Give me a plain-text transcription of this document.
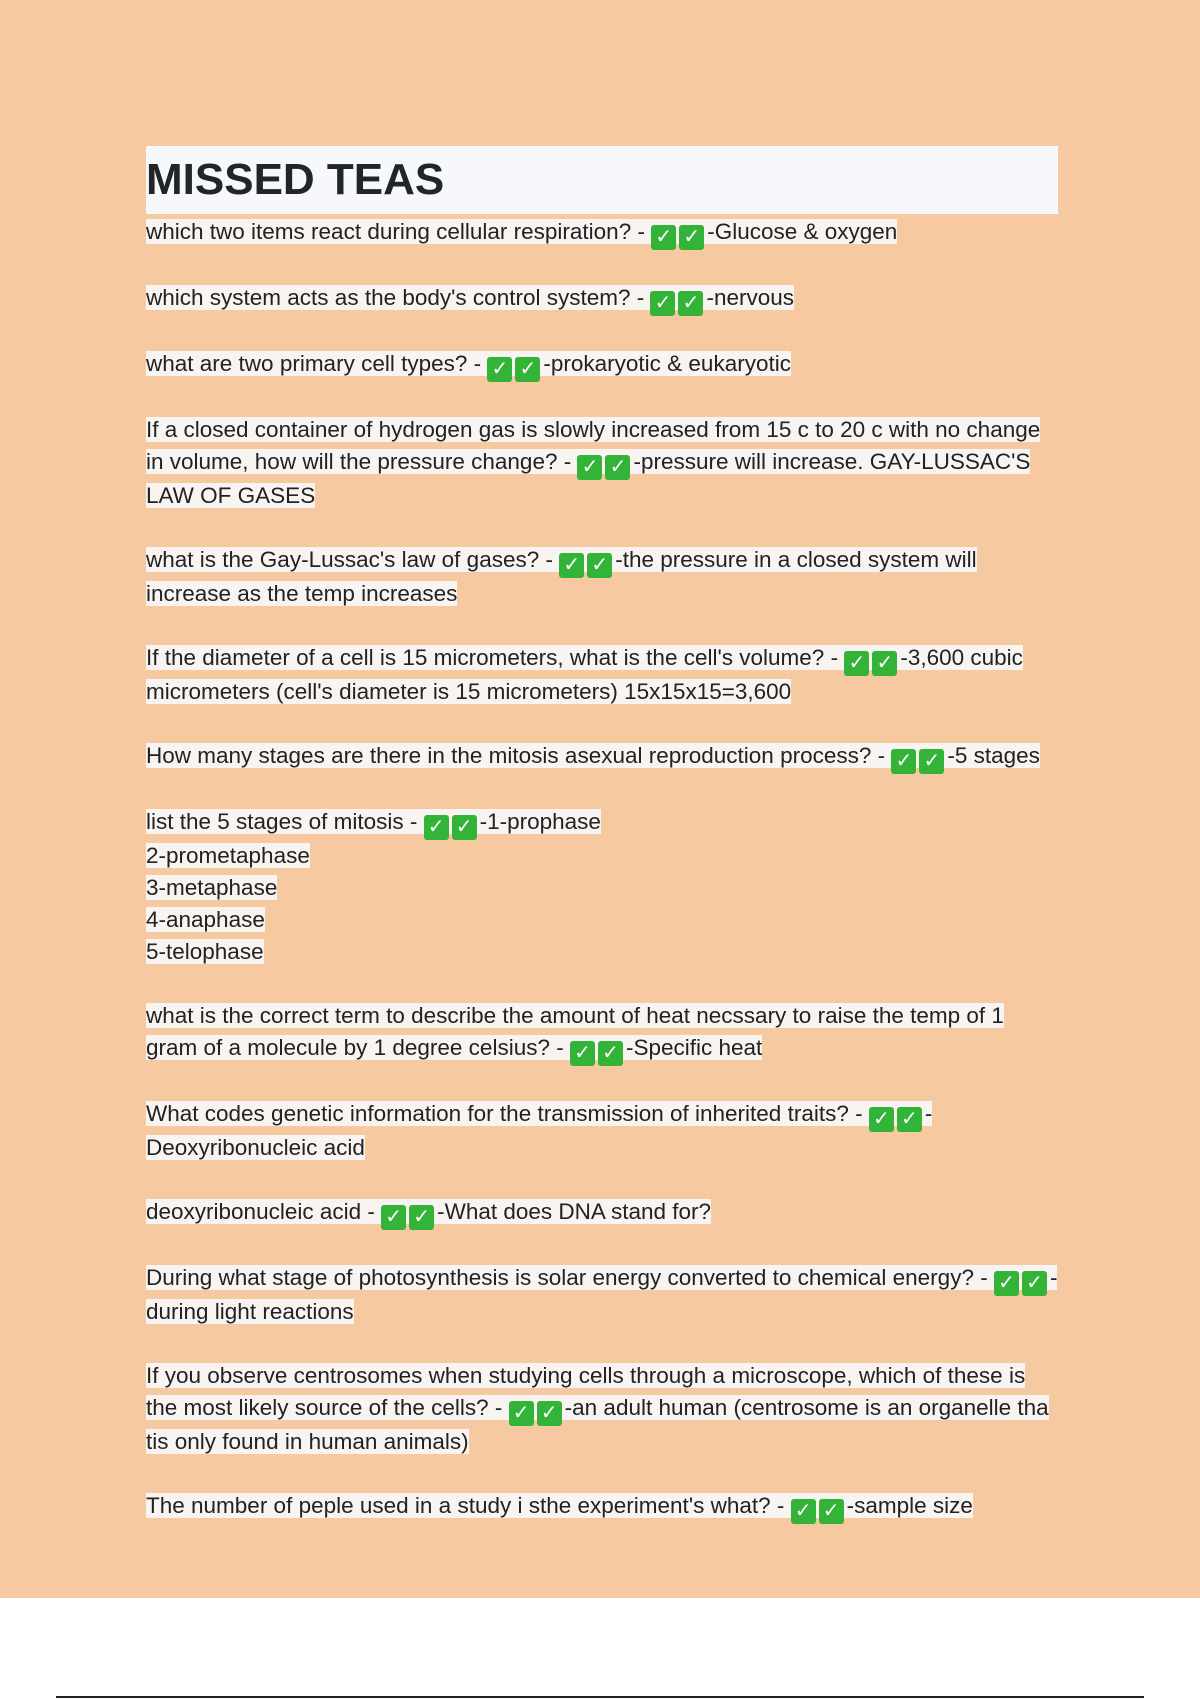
MISSED TEAS

which two items react during cellular respiration? - ✓ ✓ -Glucose & oxygen

which system acts as the body's control system? - ✓ ✓ -nervous

what are two primary cell types? - ✓ ✓ -prokaryotic & eukaryotic

If a closed container of hydrogen gas is slowly increased from 15 c to 20 c with no change in volume, how will the pressure change? - ✓ ✓ -pressure will increase. GAY-LUSSAC'S LAW OF GASES

what is the Gay-Lussac's law of gases? - ✓ ✓ -the pressure in a closed system will increase as the temp increases

If the diameter of a cell is 15 micrometers, what is the cell's volume? - ✓ ✓ -3,600 cubic micrometers (cell's diameter is 15 micrometers) 15x15x15=3,600

How many stages are there in the mitosis asexual reproduction process? - ✓ ✓ -5 stages

list the 5 stages of mitosis - ✓ ✓ -1-prophase
2-prometaphase
3-metaphase
4-anaphase
5-telophase

what is the correct term to describe the amount of heat necssary to raise the temp of 1 gram of a molecule by 1 degree celsius? - ✓ ✓ -Specific heat

What codes genetic information for the transmission of inherited traits? - ✓ ✓ -Deoxyribonucleic acid

deoxyribonucleic acid - ✓ ✓ -What does DNA stand for?

During what stage of photosynthesis is solar energy converted to chemical energy? - ✓ ✓ -during light reactions

If you observe centrosomes when studying cells through a microscope, which of these is the most likely source of the cells? - ✓ ✓ -an adult human (centrosome is an organelle tha tis only found in human animals)

The number of peple used in a study i sthe experiment's what? - ✓ ✓ -sample size
